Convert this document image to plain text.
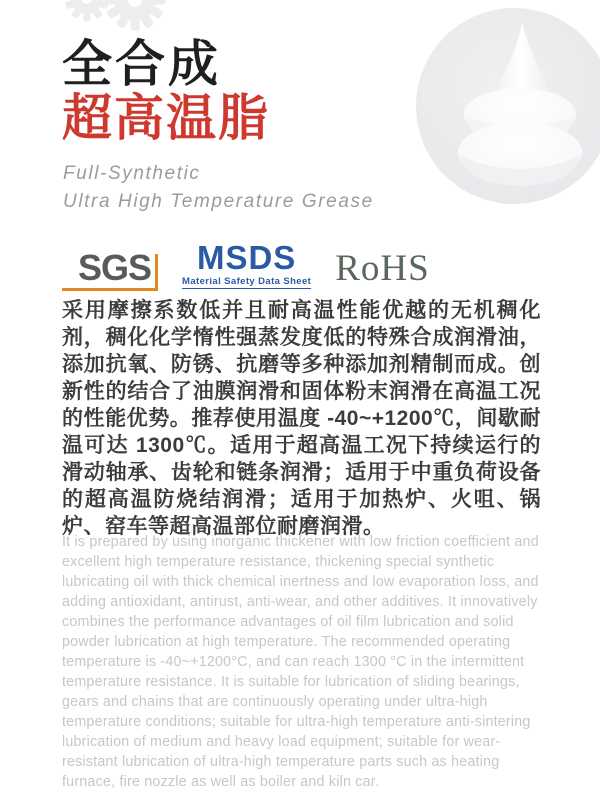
全合成
超高温脂
Full-Synthetic
Ultra High Temperature Grease
SGS MSDS
Material Safety Data Sheet RoHS

采用摩擦系数低并且耐高温性能优越的无机稠化剂，稠化化学惰性强蒸发度低的特殊合成润滑油，添加抗氧、防锈、抗磨等多种添加剂精制而成。创新性的结合了油膜润滑和固体粉末润滑在高温工况的性能优势。推荐使用温度 -40~+1200℃，间歇耐温可达 1300℃。适用于超高温工况下持续运行的滑动轴承、齿轮和链条润滑；适用于中重负荷设备的超高温防烧结润滑；适用于加热炉、火咀、锅炉、窑车等超高温部位耐磨润滑。

It is prepared by using inorganic thickener with low friction coefficient and excellent high temperature resistance, thickening special synthetic lubricating oil with thick chemical inertness and low evaporation loss, and adding antioxidant, antirust, anti-wear, and other additives. It innovatively combines the performance advantages of oil film lubrication and solid powder lubrication at high temperature. The recommended operating temperature is -40~+1200°C, and can reach 1300 °C in the intermittent temperature resistance. It is suitable for lubrication of sliding bearings, gears and chains that are continuously operating under ultra-high temperature conditions; suitable for ultra-high temperature anti-sintering lubrication of medium and heavy load equipment; suitable for wear-resistant lubrication of ultra-high temperature parts such as heating furnace, fire nozzle as well as boiler and kiln car.
